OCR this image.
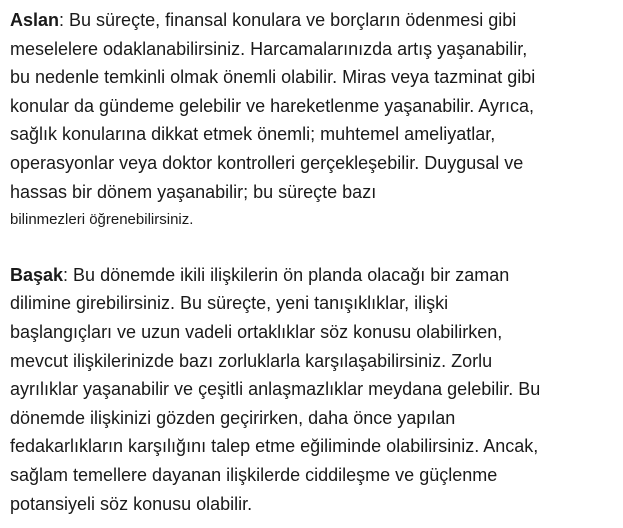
Aslan: Bu süreçte, finansal konulara ve borçların ödenmesi gibi
meselelere odaklanabilirsiniz. Harcamalarınızda artış yaşanabilir,
bu nedenle temkinli olmak önemli olabilir. Miras veya tazminat gibi
konular da gündeme gelebilir ve hareketlenme yaşanabilir. Ayrıca,
sağlık konularına dikkat etmek önemli; muhtemel ameliyatlar,
operasyonlar veya doktor kontrolleri gerçekleşebilir. Duygusal ve
hassas bir dönem yaşanabilir; bu süreçte bazı
bilinmezleri öğrenebilirsiniz.
Başak: Bu dönemde ikili ilişkilerin ön planda olacağı bir zaman
dilimine girebilirsiniz. Bu süreçte, yeni tanışıklıklar, ilişki
başlangıçları ve uzun vadeli ortaklıklar söz konusu olabilirken,
mevcut ilişkilerinizde bazı zorluklarla karşılaşabilirsiniz. Zorlu
ayrılıklar yaşanabilir ve çeşitli anlaşmazlıklar meydana gelebilir. Bu
dönemde ilişkinizi gözden geçirirken, daha önce yapılan
fedakarlıkların karşılığını talep etme eğiliminde olabilirsiniz. Ancak,
sağlam temellere dayanan ilişkilerde ciddileşme ve güçlenme
potansiyeli söz konusu olabilir.
